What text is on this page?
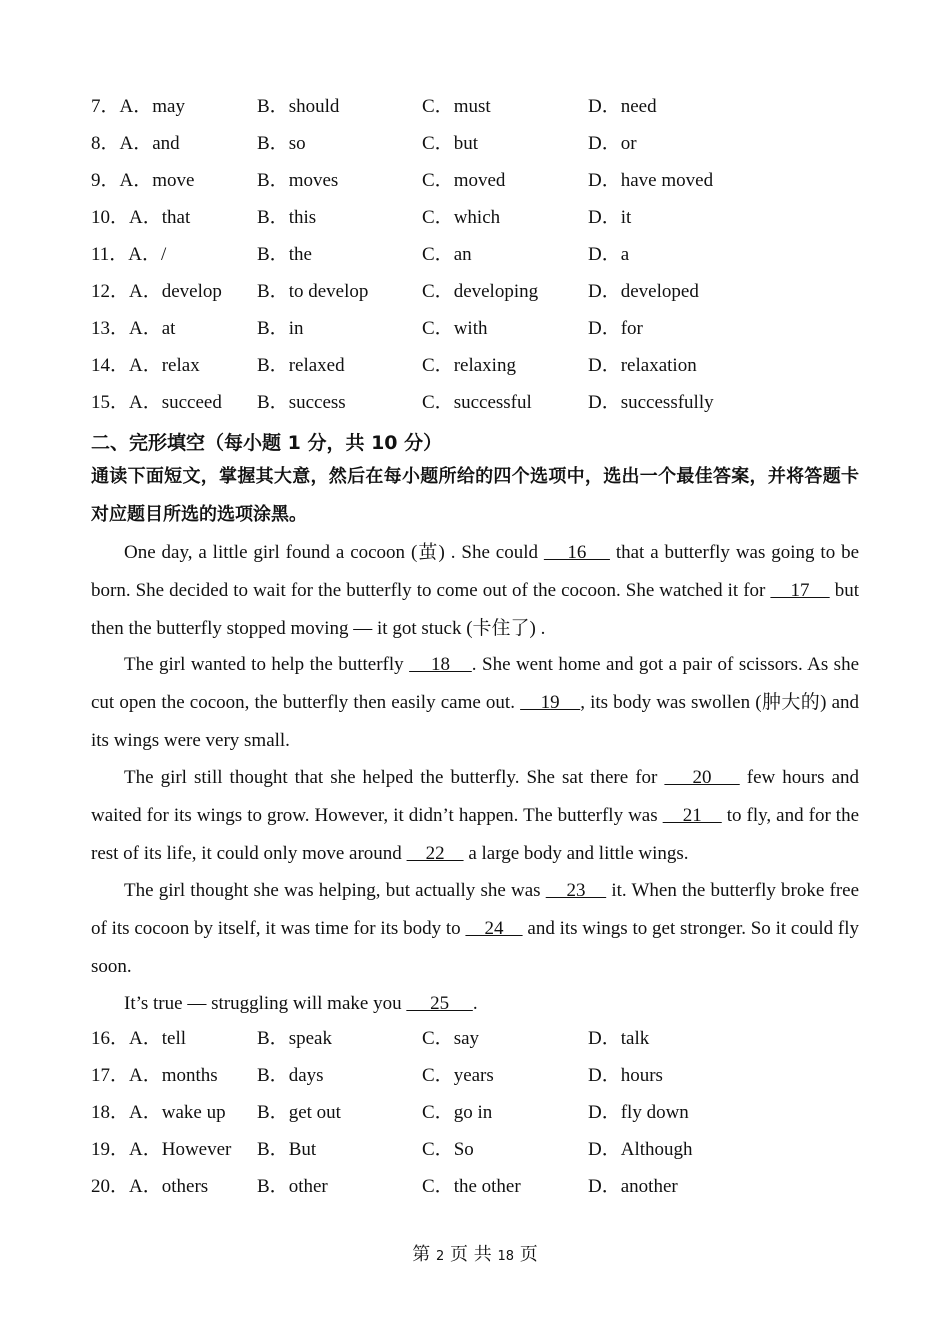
7．A．may	B．should	C．must	D．need
8．A．and	B．so	C．but	D．or
9．A．move	B．moves	C．moved	D．have moved
10．A．that	B．this	C．which	D．it
11．A．/	B．the	C．an	D．a
12．A．develop B．to develop	C．developing	D．developed
13．A．at	B．in	C．with	D．for
14．A．relax	B．relaxed	C．relaxing	D．relaxation
15．A．succeed B．success	C．successful	D．successfully
二、完形填空（每小题 1 分，共 10 分）
通读下面短文，掌握其大意，然后在每小题所给的四个选项中，选出一个最佳答案，并将答题卡对应题目所选的选项涂黑。
One day, a little girl found a cocoon (茧) . She could     16     that a butterfly was going to be born. She decided to wait for the butterfly to come out of the cocoon. She watched it for     17     but then the butterfly stopped moving — it got stuck (卡住了) .
The girl wanted to help the butterfly     18    . She went home and got a pair of scissors. As she cut open the cocoon, the butterfly then easily came out.     19    , its body was swollen (肿大的) and its wings were very small.
The girl still thought that she helped the butterfly. She sat there for     20     few hours and waited for its wings to grow. However, it didn’t happen. The butterfly was     21     to fly, and for the rest of its life, it could only move around     22     a large body and little wings.
The girl thought she was helping, but actually she was     23     it. When the butterfly broke free of its cocoon by itself, it was time for its body to     24     and its wings to get stronger. So it could fly soon.
It’s true — struggling will make you      25     .
16．A．tell	B．speak	C．say	D．talk
17．A．months B．days	C．years	D．hours
18．A．wake up B．get out	C．go in	D．fly down
19．A．However B．But	C．So	D．Although
20．A．others	B．other	C．the other	D．another
第 2 页 共 18 页
